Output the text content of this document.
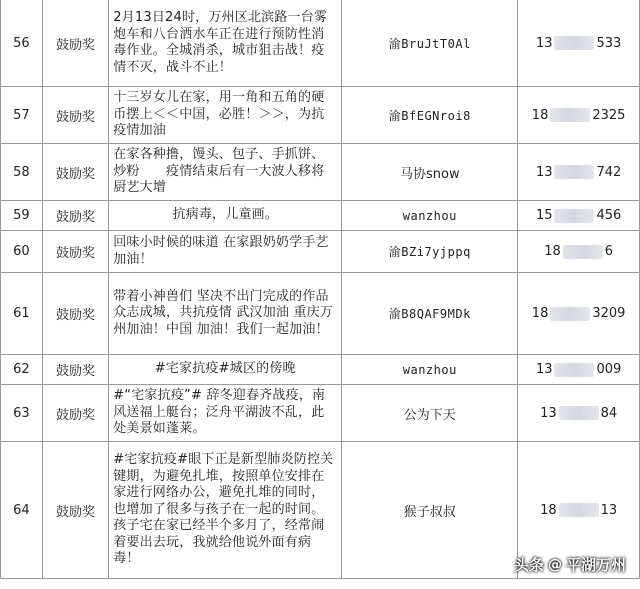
56	鼓励奖	2月13日24时，万州区北滨路一台雾炮车和八台洒水车正在进行预防性消毒作业。全城消杀，城市狙击战！疫情不灭，战斗不止！	渝BruJtT0Al	13 533

57	鼓励奖	十三岁女儿在家，用一角和五角的硬币摆上＜＜中国，必胜！＞＞，为抗疫情加油	渝BfEGNroi8	18 2325

58	鼓励奖	在家各种撸，馒头、包子、手抓饼、炒粉　　疫情结束后有一大波人移将厨艺大增	马协snow	13 742

59	鼓励奖	抗病毒，儿童画。	wanzhou	15 456

60	鼓励奖	回味小时候的味道 在家跟奶奶学手艺 加油！	渝BZi7yjppq	18 6

61	鼓励奖	带着小神兽们 坚决不出门完成的作品 众志成城，共抗疫情 武汉加油 重庆万州加油！中国 加油！我们一起加油！	渝B8QAF9MDk	18 3209

62	鼓励奖	#宅家抗疫#城区的傍晚	wanzhou	13 009

63	鼓励奖	#“宅家抗疫”# 辞冬迎春齐战疫，南风送福上艇台；泛舟平湖波不乱，此处美景如蓬莱。	公为下天	13 84

64	鼓励奖	#宅家抗疫#眼下正是新型肺炎防控关键期，为避免扎堆，按照单位安排在家进行网络办公，避免扎堆的同时，也增加了很多与孩子在一起的时间。孩子宅在家已经半个多月了，经常闹着要出去玩，我就给他说外面有病毒！	猴子叔叔	18 13
头条 @ 平湖万州
